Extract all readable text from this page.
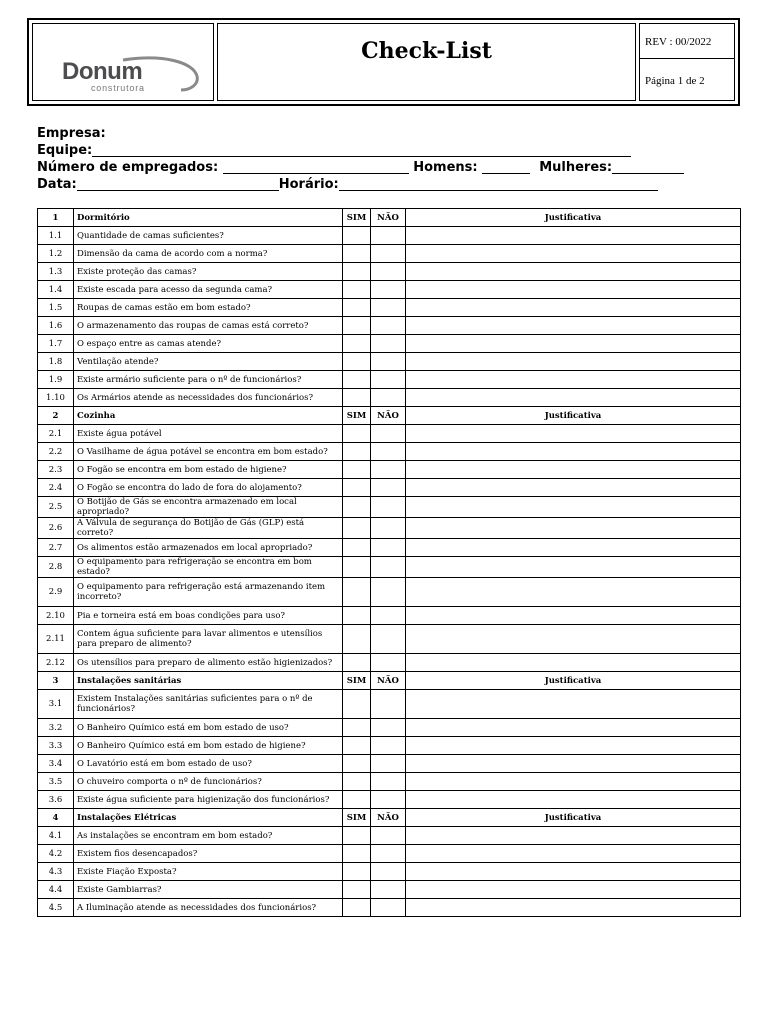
Donum
construtora
Check-List	REV : 00/2022
Página 1 de 2
Empresa:
Equipe:
Número de empregados:

	Homens:

	Mulheres:
Data:	Horário:
1	Dormitório	SIM	NÃO	Justificativa
1.1	Quantidade de camas suficientes?			
1.2	Dimensão da cama de acordo com a norma?			
1.3	Existe proteção das camas?			
1.4	Existe escada para acesso da segunda cama?			
1.5	Roupas de camas estão em bom estado?			
1.6	O armazenamento das roupas de camas está correto?			
1.7	O espaço entre as camas atende?			
1.8	Ventilação atende?			
1.9	Existe armário suficiente para o nº de funcionários?			
1.10	Os Armários atende as necessidades dos funcionários?			
2	Cozinha	SIM	NÃO	Justificativa
2.1	Existe água potável			
2.2	O Vasilhame de água potável se encontra em bom estado?			
2.3	O Fogão se encontra em bom estado de higiene?			
2.4	O Fogão se encontra do lado de fora do alojamento?			
2.5	O Botijão de Gás se encontra armazenado em local apropriado?			
2.6	A Válvula de segurança do Botijão de Gás (GLP) está correto?			
2.7	Os alimentos estão armazenados em local apropriado?			
2.8	O equipamento para refrigeração se encontra em bom estado?			
2.9	O equipamento para refrigeração está armazenando item incorreto?			
2.10	Pia e torneira está em boas condições para uso?			
2.11	Contem água suficiente para lavar alimentos e utensílios para preparo de alimento?			
2.12	Os utensílios para preparo de alimento estão higienizados?			
3	Instalações sanitárias	SIM	NÃO	Justificativa
3.1	Existem Instalações sanitárias suficientes para o nº de funcionários?			
3.2	O Banheiro Químico está em bom estado de uso?			
3.3	O Banheiro Químico está em bom estado de higiene?			
3.4	O Lavatório está em bom estado de uso?			
3.5	O chuveiro comporta o nº de funcionários?			
3.6	Existe água suficiente para higienização dos funcionários?			
4	Instalações Elétricas	SIM	NÃO	Justificativa
4.1	As instalações se encontram em bom estado?			
4.2	Existem fios desencapados?			
4.3	Existe Fiação Exposta?			
4.4	Existe Gambiarras?			
4.5	A Iluminação atende as necessidades dos funcionários?			
